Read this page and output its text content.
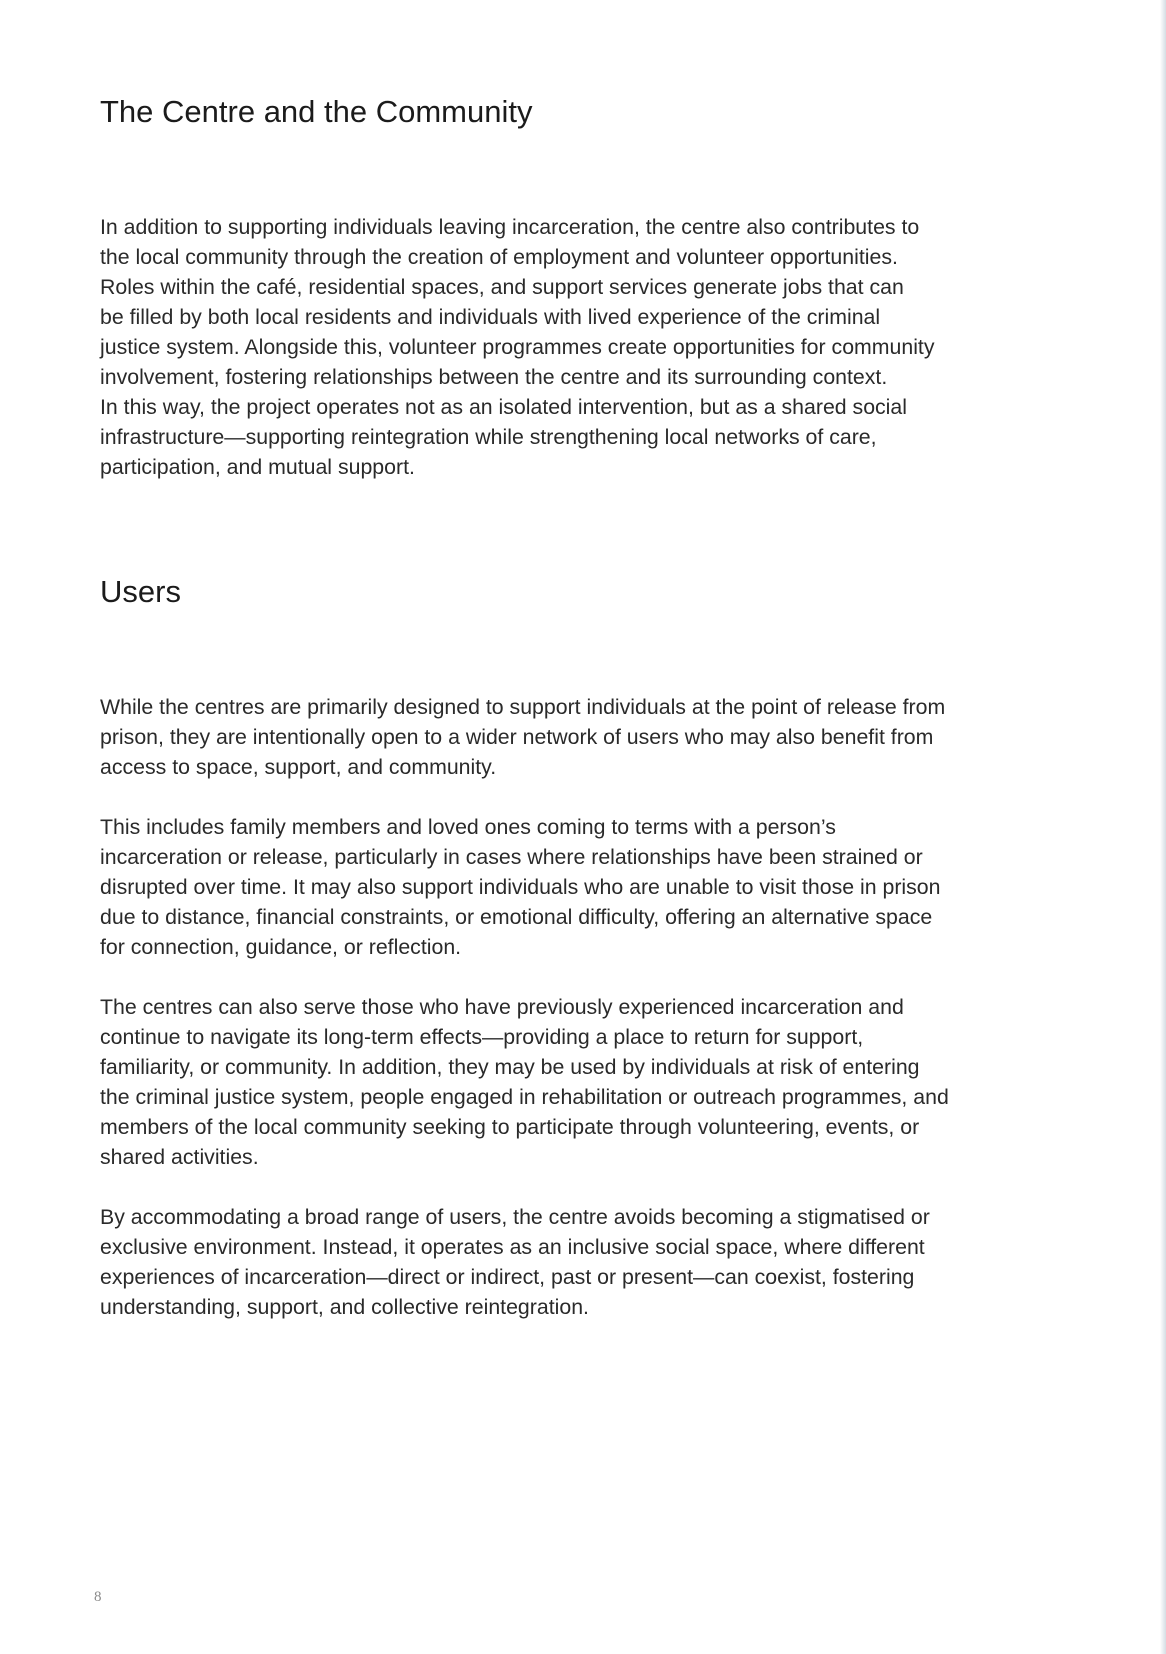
The Centre and the Community

In addition to supporting individuals leaving incarceration, the centre also contributes to
the local community through the creation of employment and volunteer opportunities.
Roles within the café, residential spaces, and support services generate jobs that can
be filled by both local residents and individuals with lived experience of the criminal
justice system. Alongside this, volunteer programmes create opportunities for community
involvement, fostering relationships between the centre and its surrounding context.
In this way, the project operates not as an isolated intervention, but as a shared social
infrastructure—supporting reintegration while strengthening local networks of care,
participation, and mutual support.

Users

While the centres are primarily designed to support individuals at the point of release from
prison, they are intentionally open to a wider network of users who may also benefit from
access to space, support, and community.

This includes family members and loved ones coming to terms with a person’s
incarceration or release, particularly in cases where relationships have been strained or
disrupted over time. It may also support individuals who are unable to visit those in prison
due to distance, financial constraints, or emotional difficulty, offering an alternative space
for connection, guidance, or reflection.

The centres can also serve those who have previously experienced incarceration and
continue to navigate its long-term effects—providing a place to return for support,
familiarity, or community. In addition, they may be used by individuals at risk of entering
the criminal justice system, people engaged in rehabilitation or outreach programmes, and
members of the local community seeking to participate through volunteering, events, or
shared activities.

By accommodating a broad range of users, the centre avoids becoming a stigmatised or
exclusive environment. Instead, it operates as an inclusive social space, where different
experiences of incarceration—direct or indirect, past or present—can coexist, fostering
understanding, support, and collective reintegration.

8
